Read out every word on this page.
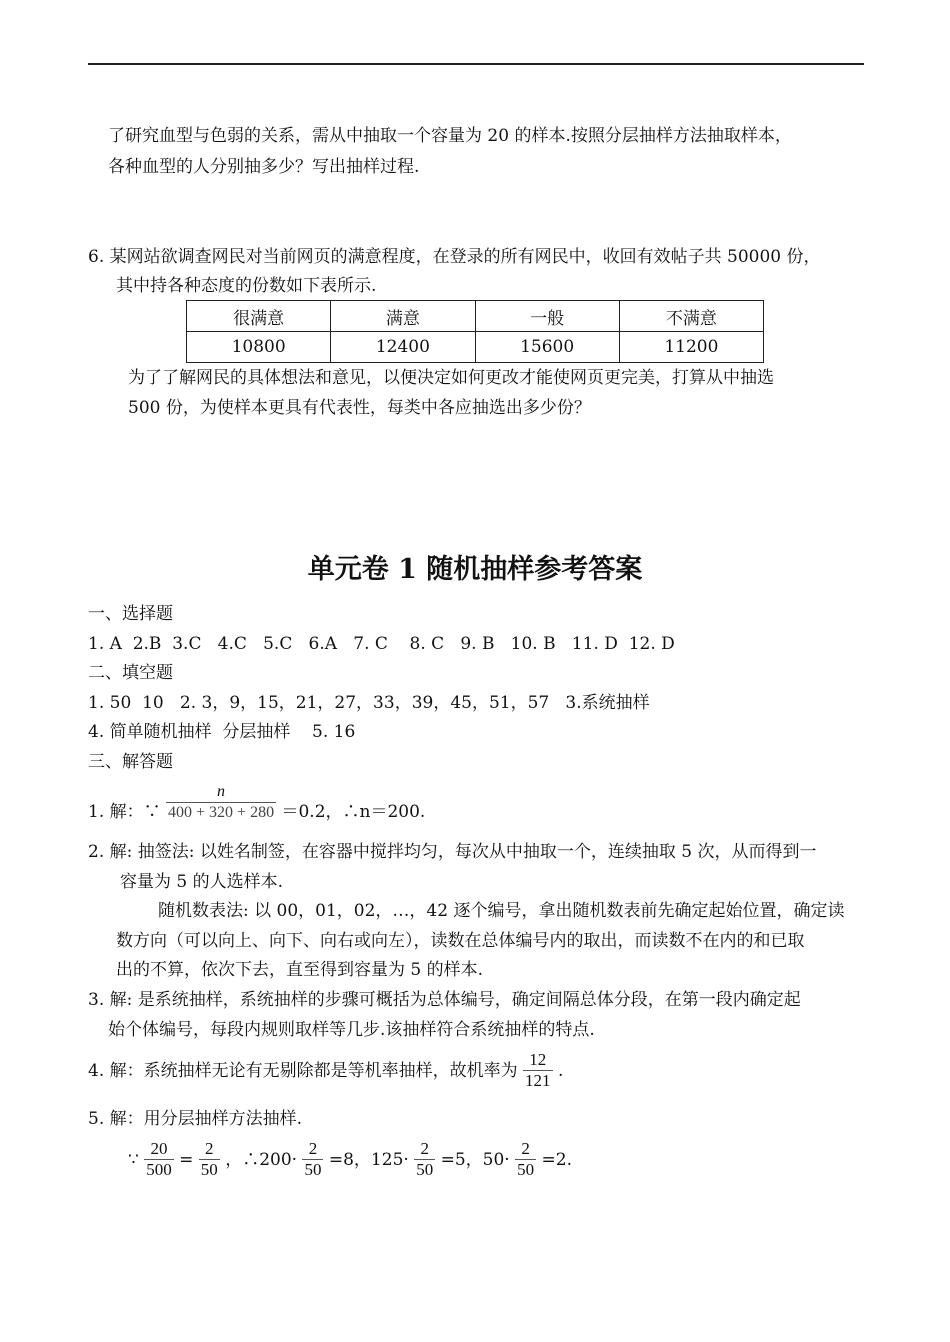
了研究血型与色弱的关系，需从中抽取一个容量为 20 的样本.按照分层抽样方法抽取样本，
各种血型的人分别抽多少？写出抽样过程.
6. 某网站欲调查网民对当前网页的满意程度，在登录的所有网民中，收回有效帖子共 50000 份，
其中持各种态度的份数如下表所示.
很满意	满意	一般	不满意
10800	12400	15600	11200
为了了解网民的具体想法和意见，以便决定如何更改才能使网页更完美，打算从中抽选
500 份，为使样本更具有代表性，每类中各应抽选出多少份？
单元卷 1 随机抽样参考答案
一、选择题
1. A  2.B  3.C   4.C   5.C   6.A   7. C    8. C   9. B   10. B   11. D  12. D
二、填空题
1. 50  10   2. 3，9，15，21，27，33，39，45，51，57   3.系统抽样
4. 简单随机抽样  分层抽样    5. 16
三、解答题
1. 解：∵ $\frac{n}{400 + 320 + 280} =0.2$，∴n＝200.
2. 解: 抽签法: 以姓名制签，在容器中搅拌均匀，每次从中抽取一个，连续抽取 5 次，从而得到一
容量为 5 的人选样本.
随机数表法: 以 00，01，02，…，42 逐个编号，拿出随机数表前先确定起始位置，确定读
数方向（可以向上、向下、向右或向左），读数在总体编号内的取出，而读数不在内的和已取
出的不算，依次下去，直至得到容量为 5 的样本.
3. 解: 是系统抽样，系统抽样的步骤可概括为总体编号，确定间隔总体分段，在第一段内确定起
始个体编号，每段内规则取样等几步.该抽样符合系统抽样的特点.
4. 解：系统抽样无论有无剔除都是等机率抽样，故机率为 $\frac{12}{121}$ .
5. 解：用分层抽样方法抽样.
∵ $\frac{20}{500} = \frac{2}{50}$ ，∴200· $\frac{2}{50} =8$，$125\cdot \frac{2}{50} =5$，$50\cdot \frac{2}{50} =2$.
